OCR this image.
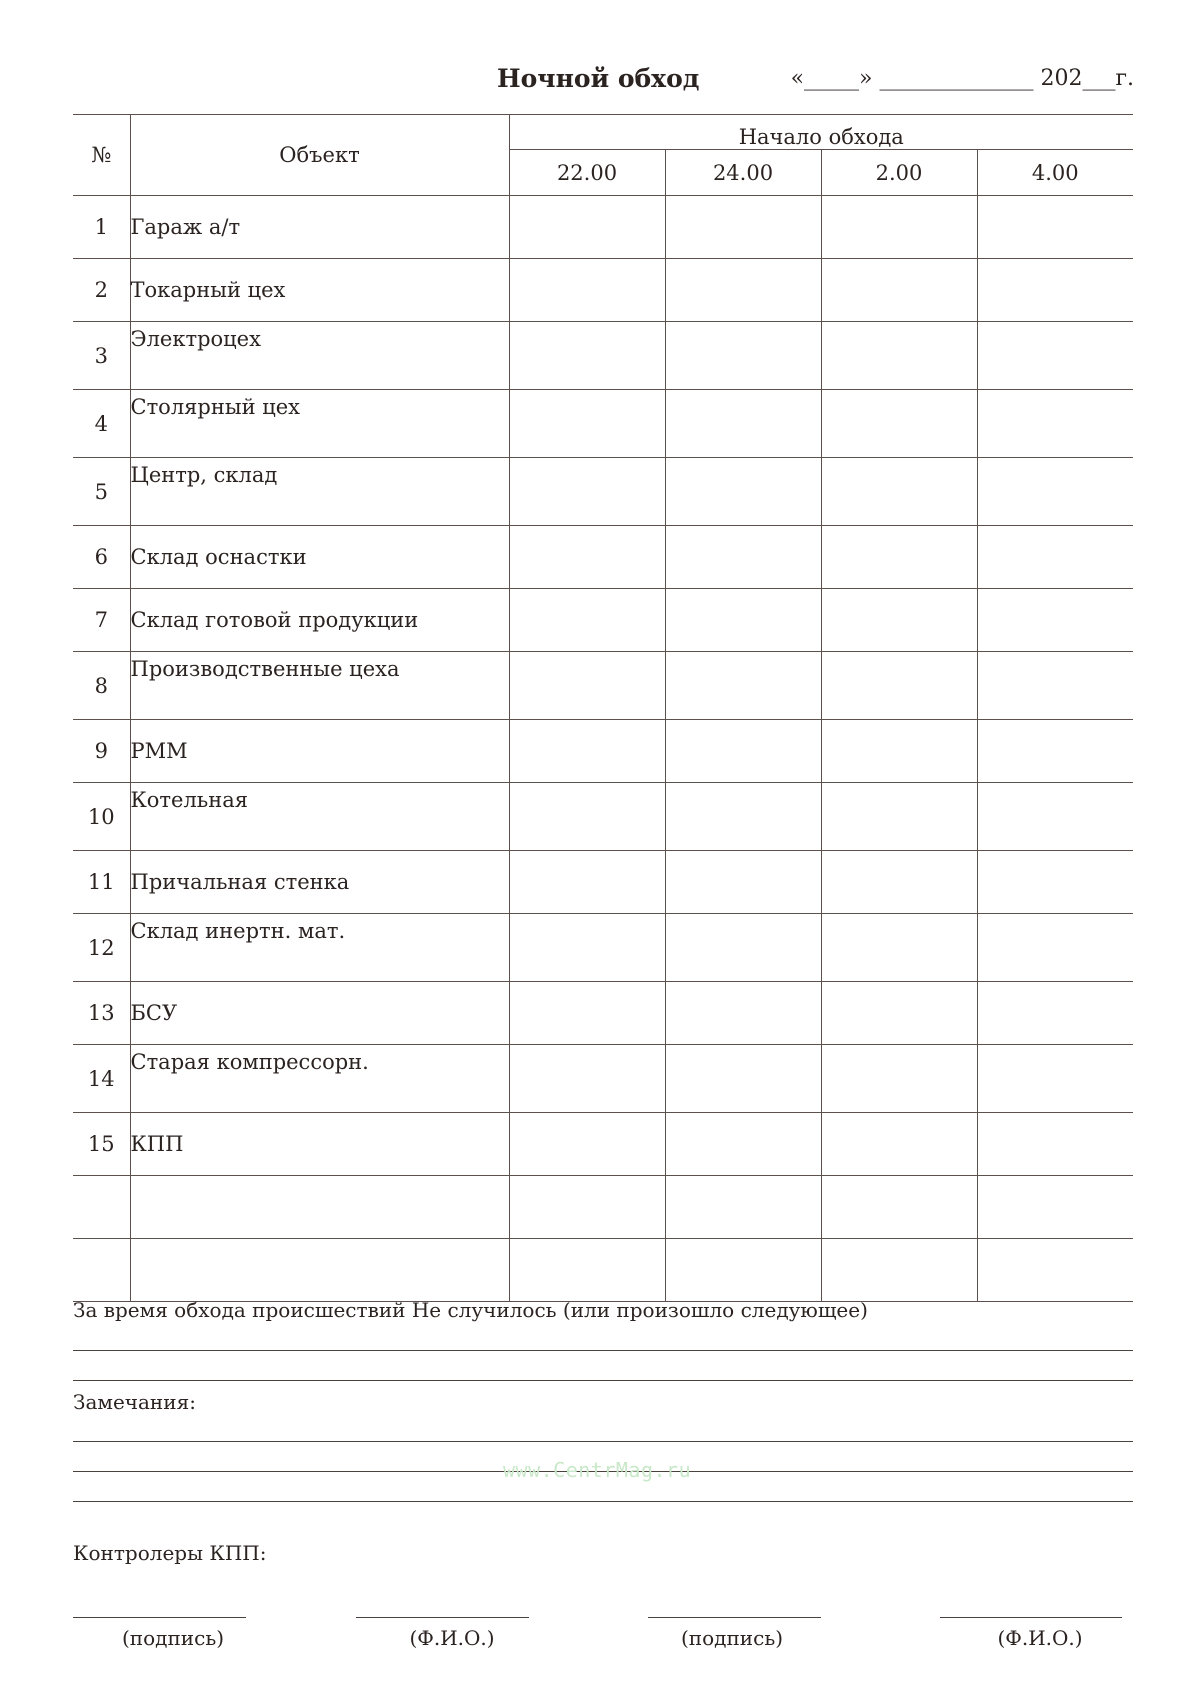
Ночной обход	«_____» ______________ 202___г.
№	Объект	Начало обхода			
		22.00	24.00	2.00	4.00
1	Гараж а/т				
2	Токарный цех				
3	Электроцех				
4	Столярный цех				
5	Центр, склад				
6	Склад оснастки				
7	Склад готовой продукции				
8	Производственные цеха				
9	РММ				
10	Котельная				
11	Причальная стенка				
12	Склад инертн. мат.				
13	БСУ				
14	Старая компрессорн.				
15	КПП				

За время обхода происшествий Не случилось (или произошло следующее)
Замечания:
www.CentrMag.ru
Контролеры КПП:
(подпись)	(Ф.И.О.)	(подпись)	(Ф.И.О.)
